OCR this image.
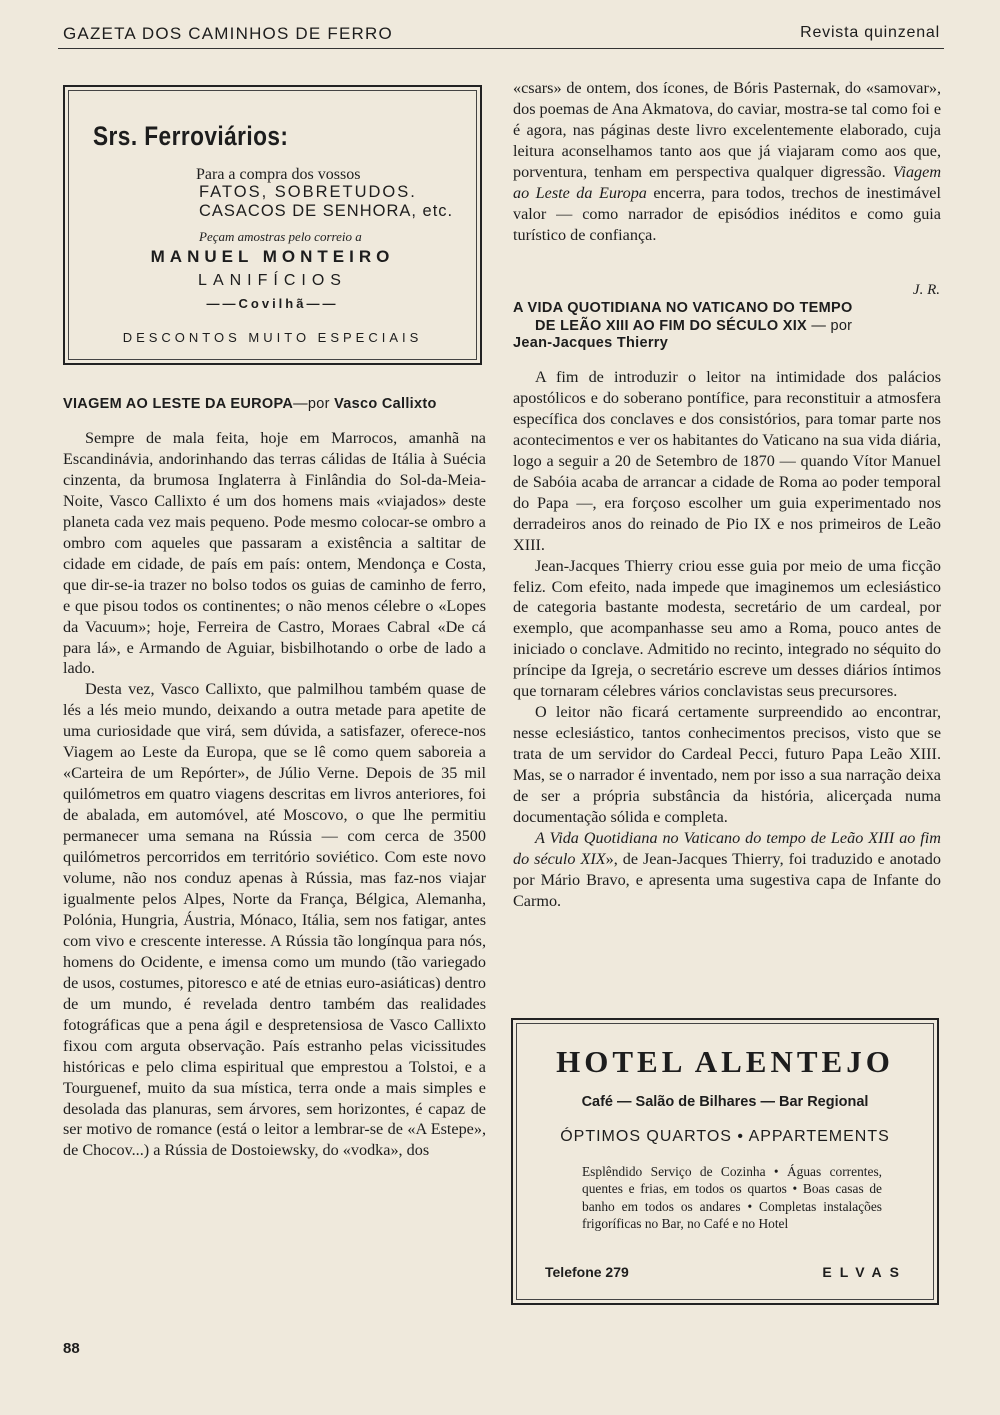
GAZETA DOS CAMINHOS DE FERRO	Revista quinzenal
Srs. Ferroviários:
Para a compra dos vossos
FATOS, SOBRETUDOS.
CASACOS DE SENHORA, etc.
Peçam amostras pelo correio a
MANUEL MONTEIRO
LANIFÍCIOS
——Covilhã——
DESCONTOS MUITO ESPECIAIS
VIAGEM AO LESTE DA EUROPA—por Vasco Callixto

Sempre de mala feita, hoje em Marrocos, amanhã na Escandinávia, andorinhando das terras cálidas de Itália à Suécia cinzenta, da brumosa Inglaterra à Finlândia do Sol-da-Meia-Noite, Vasco Callixto é um dos homens mais «viajados» deste planeta cada vez mais pequeno. Pode mesmo colocar-se ombro a ombro com aqueles que passaram a existência a saltitar de cidade em cidade, de país em país: ontem, Mendonça e Costa, que dir-se-ia trazer no bolso todos os guias de caminho de ferro, e que pisou todos os continentes; o não menos célebre o «Lopes da Vacuum»; hoje, Ferreira de Castro, Moraes Cabral «De cá para lá», e Armando de Aguiar, bisbilhotando o orbe de lado a lado.

Desta vez, Vasco Callixto, que palmilhou também quase de lés a lés meio mundo, deixando a outra metade para apetite de uma curiosidade que virá, sem dúvida, a satisfazer, oferece-nos Viagem ao Leste da Europa, que se lê como quem saboreia a «Carteira de um Repórter», de Júlio Verne. Depois de 35 mil quilómetros em quatro viagens descritas em livros anteriores, foi de abalada, em automóvel, até Moscovo, o que lhe permitiu permanecer uma semana na Rússia — com cerca de 3500 quilómetros percorridos em território soviético. Com este novo volume, não nos conduz apenas à Rússia, mas faz-nos viajar igualmente pelos Alpes, Norte da França, Bélgica, Alemanha, Polónia, Hungria, Áustria, Mónaco, Itália, sem nos fatigar, antes com vivo e crescente interesse. A Rússia tão longínqua para nós, homens do Ocidente, e imensa como um mundo (tão variegado de usos, costumes, pitoresco e até de etnias euro-asiáticas) dentro de um mundo, é revelada dentro também das realidades fotográficas que a pena ágil e despretensiosa de Vasco Callixto fixou com arguta observação. País estranho pelas vicissitudes históricas e pelo clima espiritual que emprestou a Tolstoi, e a Tourguenef, muito da sua mística, terra onde a mais simples e desolada das planuras, sem árvores, sem horizontes, é capaz de ser motivo de romance (está o leitor a lembrar-se de «A Estepe», de Chocov...) a Rússia de Dostoiewsky, do «vodka», dos

«csars» de ontem, dos ícones, de Bóris Pasternak, do «samovar», dos poemas de Ana Akmatova, do caviar, mostra-se tal como foi e é agora, nas páginas deste livro excelentemente elaborado, cuja leitura aconselhamos tanto aos que já viajaram como aos que, porventura, tenham em perspectiva qualquer digressão. Viagem ao Leste da Europa encerra, para todos, trechos de inestimável valor — como narrador de episódios inéditos e como guia turístico de confiança.

J. R.
A VIDA QUOTIDIANA NO VATICANO DO TEMPO
DE LEÃO XIII AO FIM DO SÉCULO XIX — por
Jean-Jacques Thierry

A fim de introduzir o leitor na intimidade dos palácios apostólicos e do soberano pontífice, para reconstituir a atmosfera específica dos conclaves e dos consistórios, para tomar parte nos acontecimentos e ver os habitantes do Vaticano na sua vida diária, logo a seguir a 20 de Setembro de 1870 — quando Vítor Manuel de Sabóia acaba de arrancar a cidade de Roma ao poder temporal do Papa —, era forçoso escolher um guia experimentado nos derradeiros anos do reinado de Pio IX e nos primeiros de Leão XIII.

Jean-Jacques Thierry criou esse guia por meio de uma ficção feliz. Com efeito, nada impede que imaginemos um eclesiástico de categoria bastante modesta, secretário de um cardeal, por exemplo, que acompanhasse seu amo a Roma, pouco antes de iniciado o conclave. Admitido no recinto, integrado no séquito do príncipe da Igreja, o secretário escreve um desses diários íntimos que tornaram célebres vários conclavistas seus precursores.

O leitor não ficará certamente surpreendido ao encontrar, nesse eclesiástico, tantos conhecimentos precisos, visto que se trata de um servidor do Cardeal Pecci, futuro Papa Leão XIII. Mas, se o narrador é inventado, nem por isso a sua narração deixa de ser a própria substância da história, alicerçada numa documentação sólida e completa.

A Vida Quotidiana no Vaticano do tempo de Leão XIII ao fim do século XIX», de Jean-Jacques Thierry, foi traduzido e anotado por Mário Bravo, e apresenta uma sugestiva capa de Infante do Carmo.

HOTEL ALENTEJO
Café — Salão de Bilhares — Bar Regional
ÓPTIMOS QUARTOS • APPARTEMENTS
Esplêndido Serviço de Cozinha • Águas correntes, quentes e frias, em todos os quartos • Boas casas de banho em todos os andares • Completas instalações frigoríficas no Bar, no Café e no Hotel
Telefone 279	ELVAS
88
